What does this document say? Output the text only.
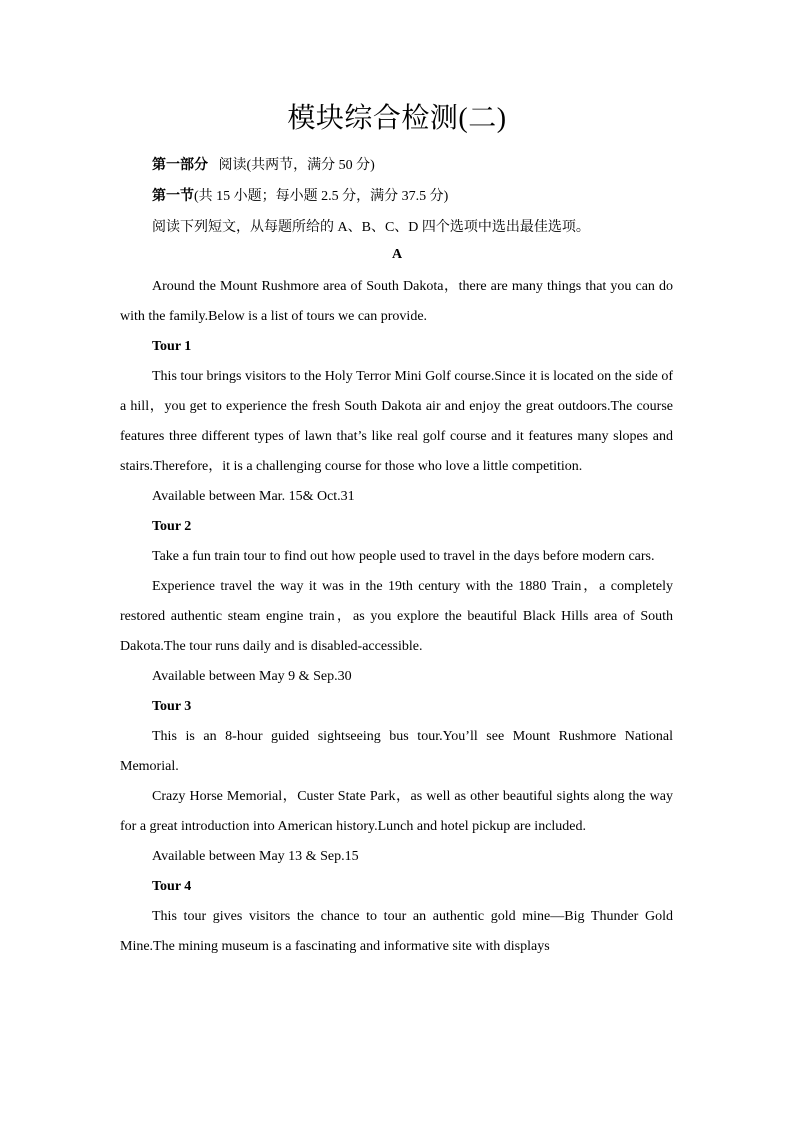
模块综合检测(二)
第一部分 阅读(共两节，满分 50 分)
第一节(共 15 小题；每小题 2.5 分，满分 37.5 分)
阅读下列短文，从每题所给的 A、B、C、D 四个选项中选出最佳选项。
A

Around the Mount Rushmore area of South Dakota，there are many things that you can do with the family.Below is a list of tours we can provide.

Tour 1

This tour brings visitors to the Holy Terror Mini Golf course.Since it is located on the side of a hill，you get to experience the fresh South Dakota air and enjoy the great outdoors.The course features three different types of lawn that’s like real golf course and it features many slopes and stairs.Therefore，it is a challenging course for those who love a little competition.

Available between Mar. 15& Oct.31

Tour 2

Take a fun train tour to find out how people used to travel in the days before modern cars.

Experience travel the way it was in the 19th century with the 1880 Train，a completely restored authentic steam engine train，as you explore the beautiful Black Hills area of South Dakota.The tour runs daily and is disabled-accessible.

Available between May 9 & Sep.30

Tour 3

This is an 8-hour guided sightseeing bus tour.You’ll see Mount Rushmore National Memorial.

Crazy Horse Memorial，Custer State Park，as well as other beautiful sights along the way for a great introduction into American history.Lunch and hotel pickup are included.

Available between May 13 & Sep.15

Tour 4

This tour gives visitors the chance to tour an authentic gold mine—Big Thunder Gold Mine.The mining museum is a fascinating and informative site with displays
